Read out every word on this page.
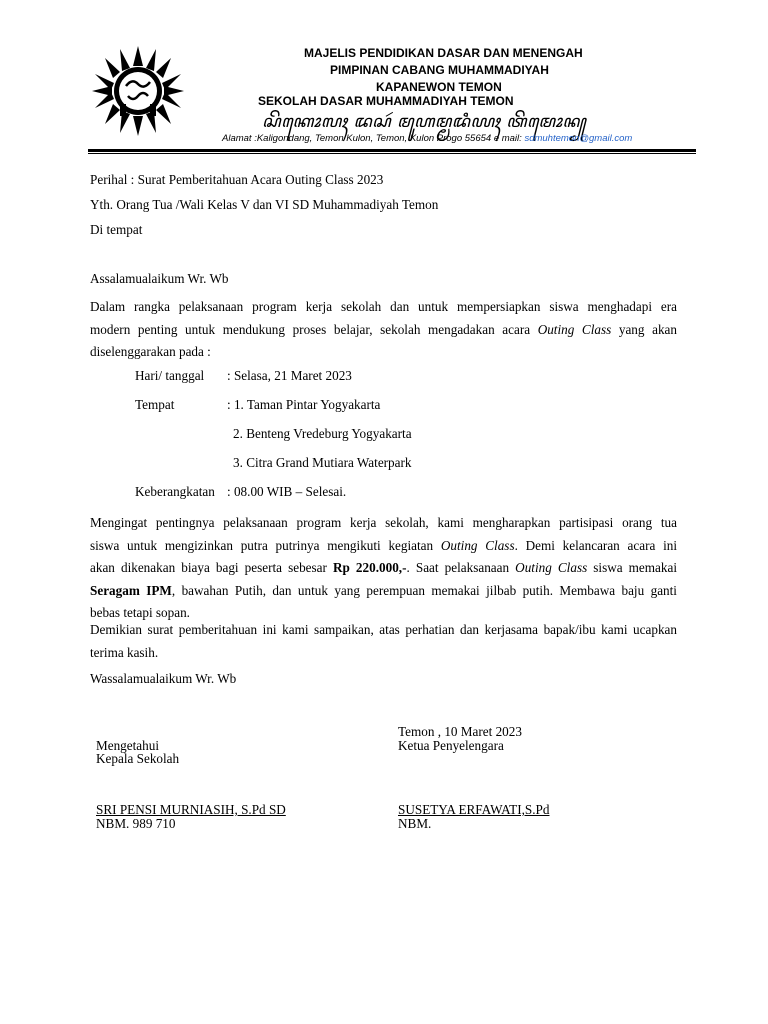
MAJELIS PENDIDIKAN DASAR DAN MENENGAH
PIMPINAN CABANG MUHAMMADIYAH
KAPANEWON TEMON
SEKOLAH DASAR MUHAMMADIYAH TEMON
ꦱꦼꦏꦺꦴꦭꦃ ꦢꦱꦂ ꦩꦸꦲꦩ꧀ꦩꦢꦶꦪꦃ ꦠꦼꦩꦺꦴꦤ꧀
Alamat :Kaligondang, Temon Kulon, Temon, Kulon Progo 55654 e mail: sdmuhtemon@gmail.com
Perihal : Surat Pemberitahuan Acara Outing Class 2023
Yth. Orang Tua /Wali Kelas V dan VI SD Muhammadiyah Temon
Di tempat
Assalamualaikum Wr. Wb
Dalam rangka pelaksanaan program kerja sekolah dan untuk mempersiapkan siswa menghadapi era
modern penting untuk mendukung proses belajar, sekolah mengadakan acara Outing Class yang akan
diselenggarakan pada :
Hari/ tanggal : Selasa, 21 Maret 2023
Tempat	: 1. Taman Pintar Yogyakarta
2. Benteng Vredeburg Yogyakarta
3. Citra Grand Mutiara Waterpark
Keberangkatan : 08.00 WIB – Selesai.
Mengingat pentingnya pelaksanaan program kerja sekolah, kami mengharapkan partisipasi orang tua
siswa untuk mengizinkan putra putrinya mengikuti kegiatan Outing Class. Demi kelancaran acara ini
akan dikenakan biaya bagi peserta sebesar Rp 220.000,-. Saat pelaksanaan Outing Class siswa memakai
Seragam IPM, bawahan Putih, dan untuk yang perempuan memakai jilbab putih. Membawa baju ganti
bebas tetapi sopan.
Demikian surat pemberitahuan ini kami sampaikan, atas perhatian dan kerjasama bapak/ibu kami ucapkan
terima kasih.
Wassalamualaikum Wr. Wb
Temon , 10 Maret 2023
Mengetahui	Ketua Penyelengara
Kepala Sekolah
SRI PENSI MURNIASIH, S.Pd SD	SUSETYA ERFAWATI,S.Pd
NBM. 989 710	NBM.
